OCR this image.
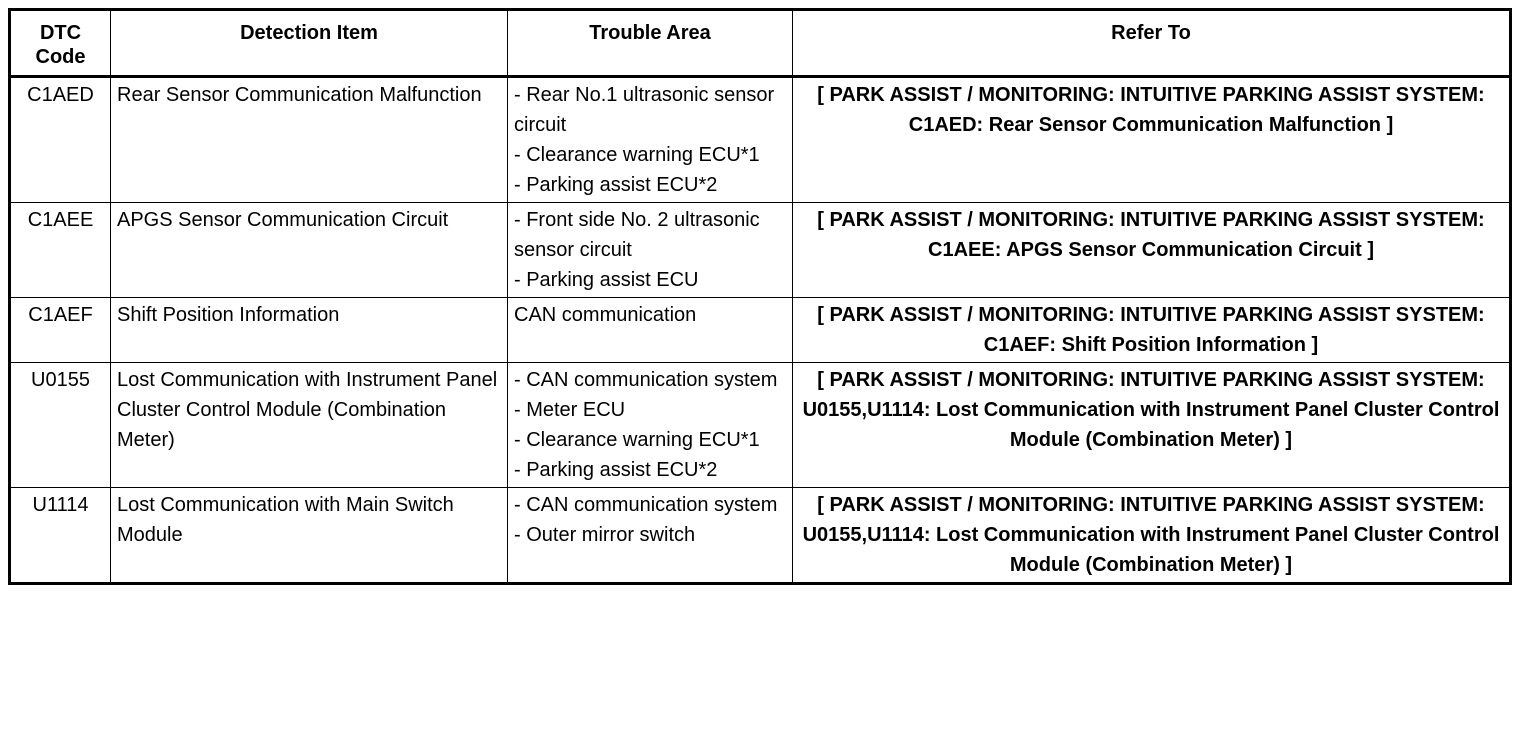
DTC
Code	Detection Item	Trouble Area	Refer To
C1AED	Rear Sensor Communication Malfunction	- Rear No.1 ultrasonic sensor circuit
- Clearance warning ECU*1
- Parking assist ECU*2	[ PARK ASSIST / MONITORING: INTUITIVE PARKING ASSIST SYSTEM: C1AED: Rear Sensor Communication Malfunction ]
C1AEE	APGS Sensor Communication Circuit	- Front side No. 2 ultrasonic sensor circuit
- Parking assist ECU	[ PARK ASSIST / MONITORING: INTUITIVE PARKING ASSIST SYSTEM: C1AEE: APGS Sensor Communication Circuit ]
C1AEF	Shift Position Information	CAN communication	[ PARK ASSIST / MONITORING: INTUITIVE PARKING ASSIST SYSTEM: C1AEF: Shift Position Information ]
U0155	Lost Communication with Instrument Panel Cluster Control Module (Combination Meter)	- CAN communication system
- Meter ECU
- Clearance warning ECU*1
- Parking assist ECU*2	[ PARK ASSIST / MONITORING: INTUITIVE PARKING ASSIST SYSTEM: U0155,U1114: Lost Communication with Instrument Panel Cluster Control Module (Combination Meter) ]
U1114	Lost Communication with Main Switch Module	- CAN communication system
- Outer mirror switch	[ PARK ASSIST / MONITORING: INTUITIVE PARKING ASSIST SYSTEM: U0155,U1114: Lost Communication with Instrument Panel Cluster Control Module (Combination Meter) ]
